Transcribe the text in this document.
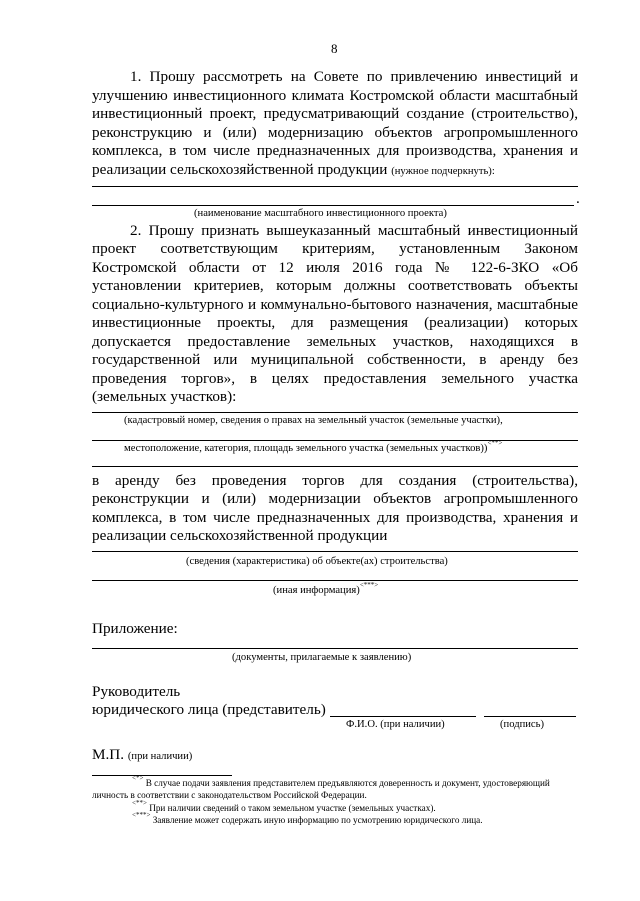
8
1. Прошу рассмотреть на Совете по привлечению инвестиций и
улучшению инвестиционного климата Костромской области масштабный
инвестиционный проект, предусматривающий создание (строительство),
реконструкцию и (или) модернизацию объектов агропромышленного
комплекса, в том числе предназначенных для производства, хранения и
реализации сельскохозяйственной продукции (нужное подчеркнуть):
.
(наименование масштабного инвестиционного проекта)
2. Прошу признать вышеуказанный масштабный инвестиционный
проект соответствующим критериям, установленным Законом
Костромской области от 12 июля 2016 года № 122-6-ЗКО «Об
установлении критериев, которым должны соответствовать объекты
социально-культурного и коммунально-бытового назначения, масштабные
инвестиционные проекты, для размещения (реализации) которых
допускается предоставление земельных участков, находящихся в
государственной или муниципальной собственности, в аренду без
проведения торгов», в целях предоставления земельного участка
(земельных участков):
(кадастровый номер, сведения о правах на земельный участок (земельные участки),
местоположение, категория, площадь земельного участка (земельных участков))<**>
в аренду без проведения торгов для создания (строительства),
реконструкции и (или) модернизации объектов агропромышленного
комплекса, в том числе предназначенных для производства, хранения и
реализации сельскохозяйственной продукции
(сведения (характеристика) об объекте(ах) строительства)
(иная информация)<***>
Приложение:
(документы, прилагаемые к заявлению)
Руководитель
юридического лица (представитель)
Ф.И.О. (при наличии)	(подпись)
М.П. (при наличии)
<*> В случае подачи заявления представителем предъявляются доверенность и документ, удостоверяющий
личность в соответствии с законодательством Российской Федерации.
<**> При наличии сведений о таком земельном участке (земельных участках).
<***> Заявление может содержать иную информацию по усмотрению юридического лица.
